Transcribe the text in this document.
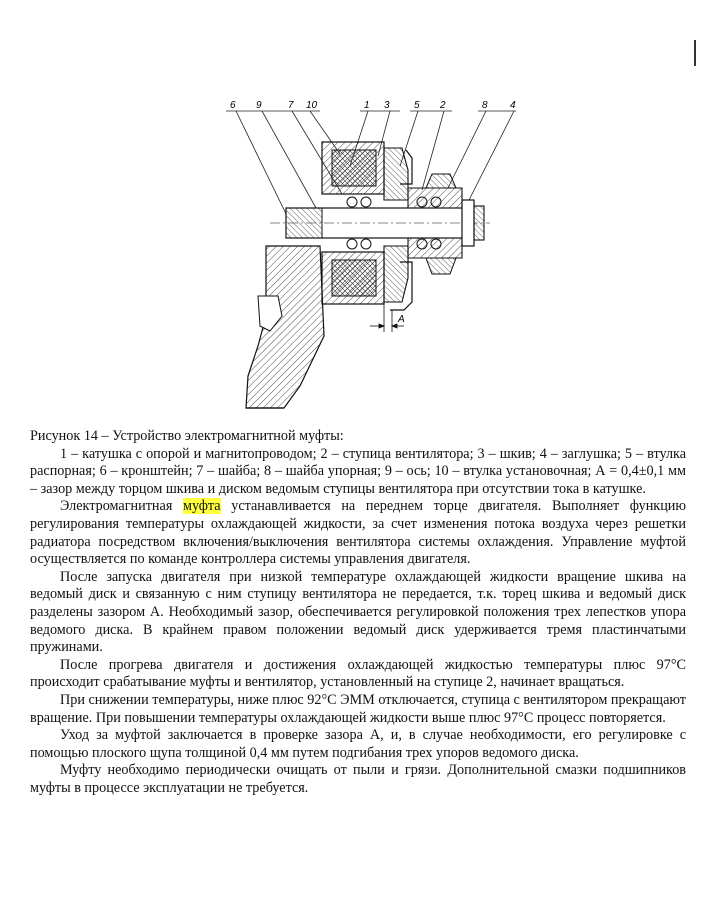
6 9	7 10	1 3 5 2	8 4
A

Рисунок 14 – Устройство электромагнитной муфты:

1 – катушка с опорой и магнитопроводом; 2 – ступица вентилятора; 3 – шкив; 4 – заглушка; 5 – втулка распорная; 6 – кронштейн; 7 – шайба; 8 – шайба упорная; 9 – ось; 10 – втулка установочная; А = 0,4±0,1 мм – зазор между торцом шкива и диском ведомым ступицы вентилятора при отсутствии тока в катушке.

Электромагнитная муфта устанавливается на переднем торце двигателя. Выполняет функцию регулирования температуры охлаждающей жидкости, за счет изменения потока воздуха через решетки радиатора посредством включения/выключения вентилятора системы охлаждения. Управление муфтой осуществляется по команде контроллера системы управления двигателя.

После запуска двигателя при низкой температуре охлаждающей жидкости вращение шкива на ведомый диск и связанную с ним ступицу вентилятора не передается, т.к. торец шкива и ведомый диск разделены зазором А. Необходимый зазор, обеспечивается регулировкой положения трех лепестков упора ведомого диска. В крайнем правом положении ведомый диск удерживается тремя пластинчатыми пружинами.

После прогрева двигателя и достижения охлаждающей жидкостью температуры плюс 97°С происходит срабатывание муфты и вентилятор, установленный на ступице 2, начинает вращаться.

При снижении температуры, ниже плюс 92°С ЭММ отключается, ступица с вентилятором прекращают вращение. При повышении температуры охлаждающей жидкости выше плюс 97°С процесс повторяется.

Уход за муфтой заключается в проверке зазора А, и, в случае необходимости, его регулировке с помощью плоского щупа толщиной 0,4 мм путем подгибания трех упоров ведомого диска.

Муфту необходимо периодически очищать от пыли и грязи. Дополнительной смазки подшипников муфты в процессе эксплуатации не требуется.
